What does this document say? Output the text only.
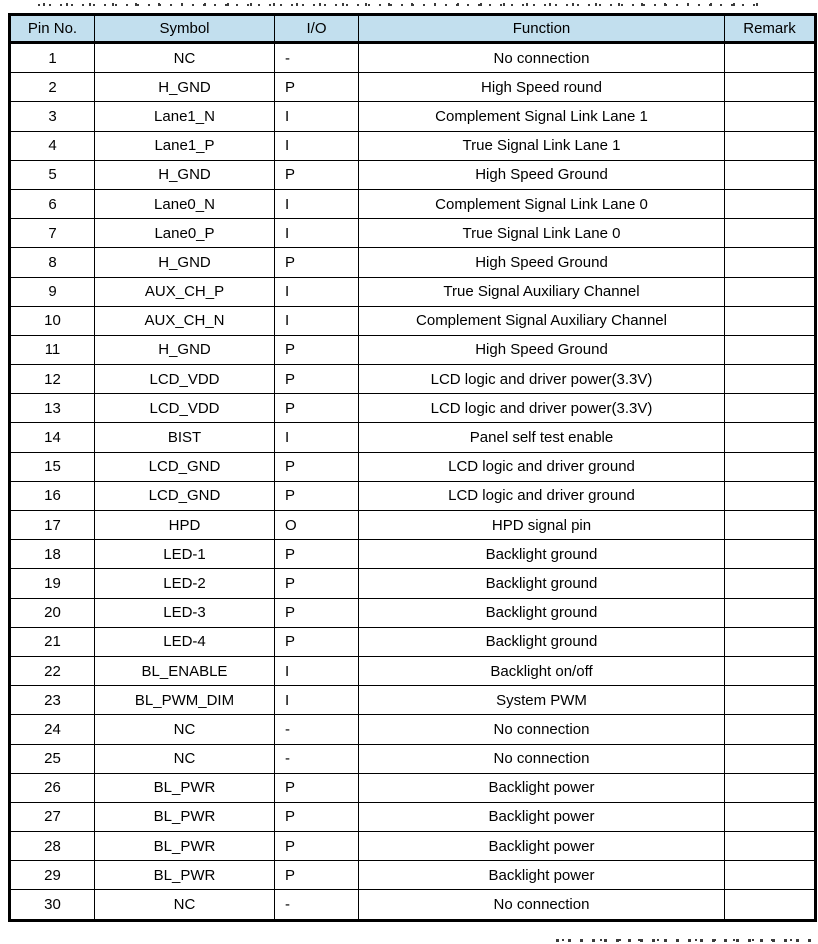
Pin No.	Symbol	I/O	Function	Remark
1	NC	-	No connection	
2	H_GND	P	High Speed round	
3	Lane1_N	I	Complement Signal Link Lane 1	
4	Lane1_P	I	True Signal Link Lane 1	
5	H_GND	P	High Speed Ground	
6	Lane0_N	I	Complement Signal Link Lane 0	
7	Lane0_P	I	True Signal Link Lane 0	
8	H_GND	P	High Speed Ground	
9	AUX_CH_P	I	True Signal Auxiliary Channel	
10	AUX_CH_N	I	Complement Signal Auxiliary Channel	
11	H_GND	P	High Speed Ground	
12	LCD_VDD	P	LCD logic and driver power(3.3V)	
13	LCD_VDD	P	LCD logic and driver power(3.3V)	
14	BIST	I	Panel self test enable	
15	LCD_GND	P	LCD logic and driver ground	
16	LCD_GND	P	LCD logic and driver ground	
17	HPD	O	HPD signal pin	
18	LED-1	P	Backlight ground	
19	LED-2	P	Backlight ground	
20	LED-3	P	Backlight ground	
21	LED-4	P	Backlight ground	
22	BL_ENABLE	I	Backlight on/off	
23	BL_PWM_DIM	I	System PWM	
24	NC	-	No connection	
25	NC	-	No connection	
26	BL_PWR	P	Backlight power	
27	BL_PWR	P	Backlight power	
28	BL_PWR	P	Backlight power	
29	BL_PWR	P	Backlight power	
30	NC	-	No connection	
